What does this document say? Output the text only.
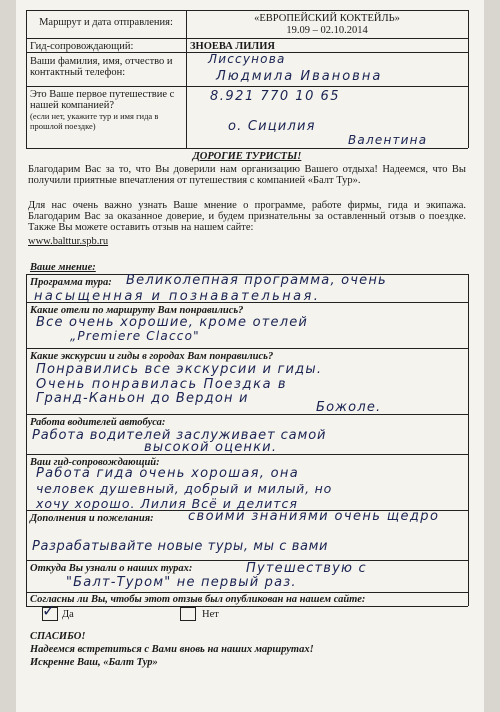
Маршрут и дата отправления:	«ЕВРОПЕЙСКИЙ КОКТЕЙЛЬ»
19.09 – 02.10.2014
Гид-сопровождающий:	ЗНОЕВА ЛИЛИЯ
Ваши фамилия, имя, отчество и контактный телефон:
Лиссунова
Людмила Ивановна
8.921 770 10 65
Это Ваше первое путешествие с нашей компанией?
(если нет, укажите тур и имя гида в прошлой поездке)	о. Сицилия
Валентина
ДОРОГИЕ ТУРИСТЫ!
Благодарим Вас за то, что Вы доверили нам организацию Вашего отдыха! Надеемся, что Вы получили приятные впечатления от путешествия с компанией «Балт Тур».
Для нас очень важно узнать Ваше мнение о программе, работе фирмы, гида и экипажа. Благодарим Вас за оказанное доверие, и будем признательны за оставленный отзыв о поездке. Также Вы можете оставить отзыв на нашем сайте:
www.balttur.spb.ru
Ваше мнение:
Программа тура: Великолепная программа, очень
насыщенная и познавательная.
Какие отели по маршруту Вам понравились?
Все очень хорошие, кроме отелей
„Premiere Clacco"
Какие экскурсии и гиды в городах Вам понравились?
Понравились все экскурсии и гиды.
Очень понравилась Поездка в
Гранд-Каньон до Вердон и
Божоле.
Работа водителей автобуса:
Работа водителей заслуживает самой
высокой оценки.
Ваш гид-сопровождающий:
Работа гида очень хорошая, она
человек душевный, добрый и милый, но
хочу хорошо. Лилия Всё и делится
Дополнения и пожелания:	своими знаниями очень щедро
Разрабатывайте новые туры, мы с вами
Откуда Вы узнали о наших турах:	Путешествую с
"Балт-Туром" не первый раз.
Согласны ли Вы, чтобы этот отзыв был опубликован на нашем сайте:
✓ Да	Нет
СПАСИБО!
Надеемся встретиться с Вами вновь на наших маршрутах!
Искренне Ваш, «Балт Тур»
